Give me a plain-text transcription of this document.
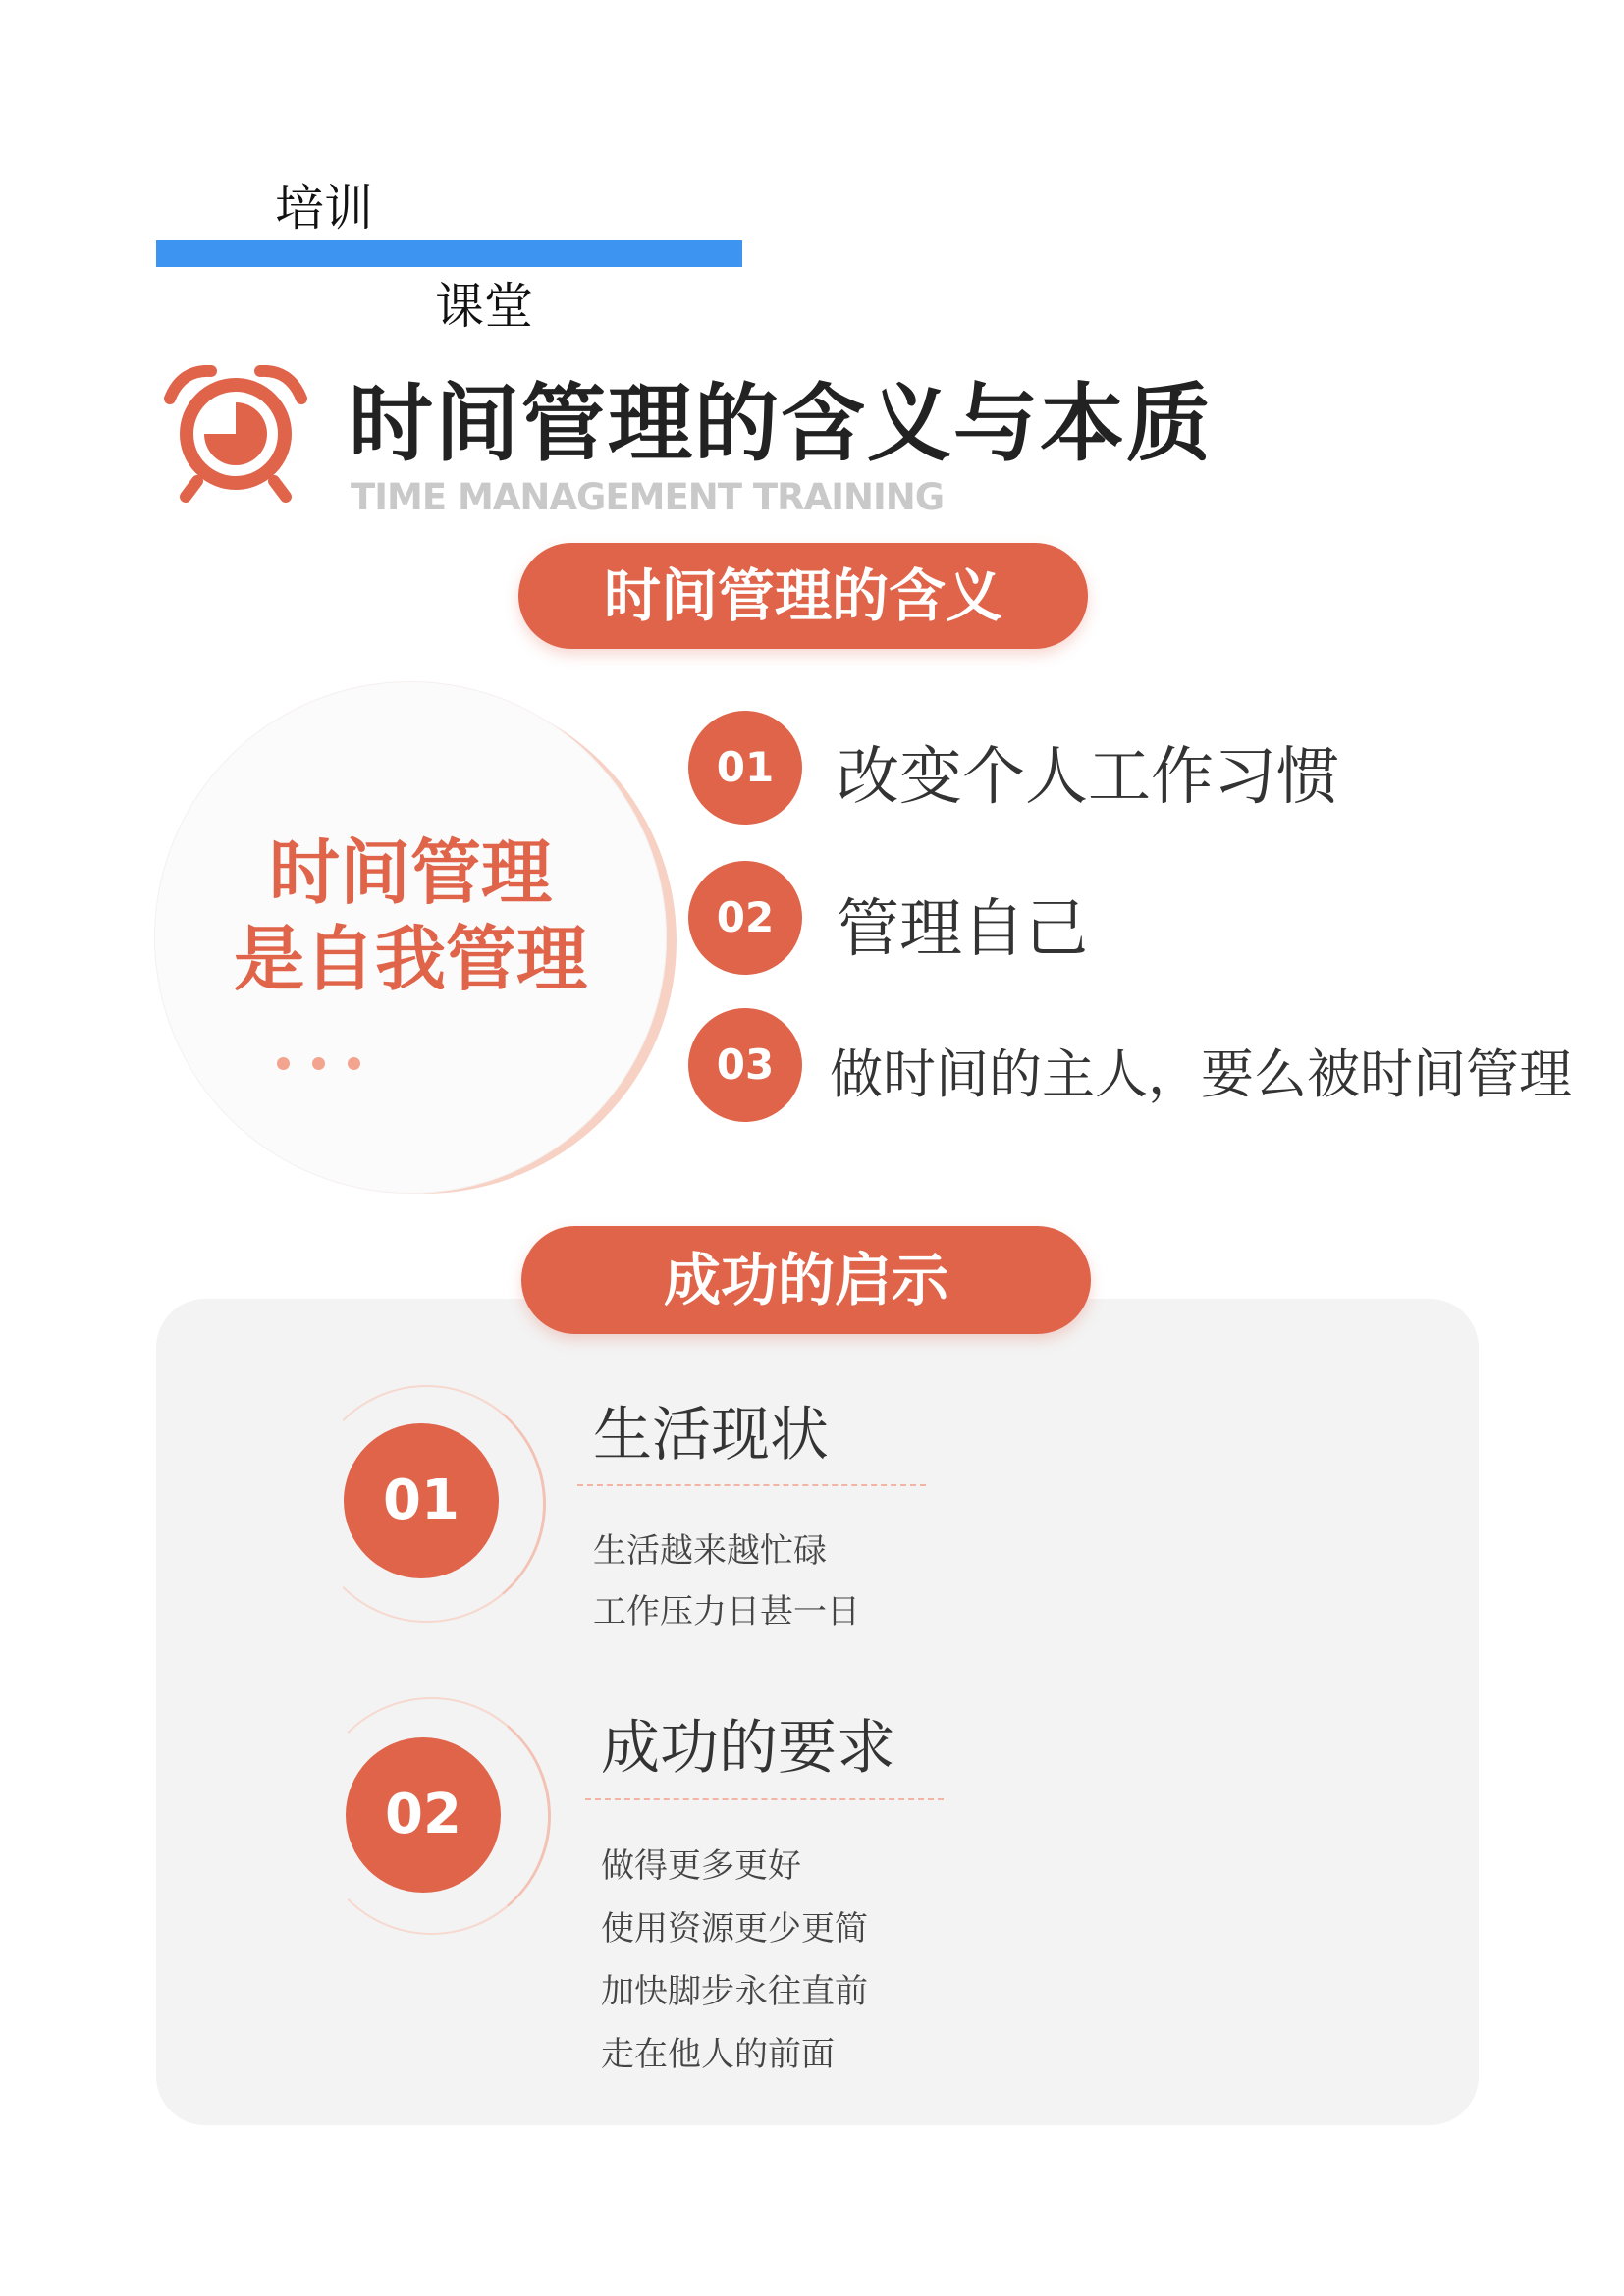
培训
课堂
时间管理的含义与本质
TIME MANAGEMENT TRAINING
时间管理的含义
时间管理
是自我管理
01 改变个人工作习惯
02 管理自己
03	做时间的主人，要么被时间管理
成功的启示
01
生活现状
生活越来越忙碌
工作压力日甚一日
02
成功的要求
做得更多更好
使用资源更少更简
加快脚步永往直前
走在他人的前面
